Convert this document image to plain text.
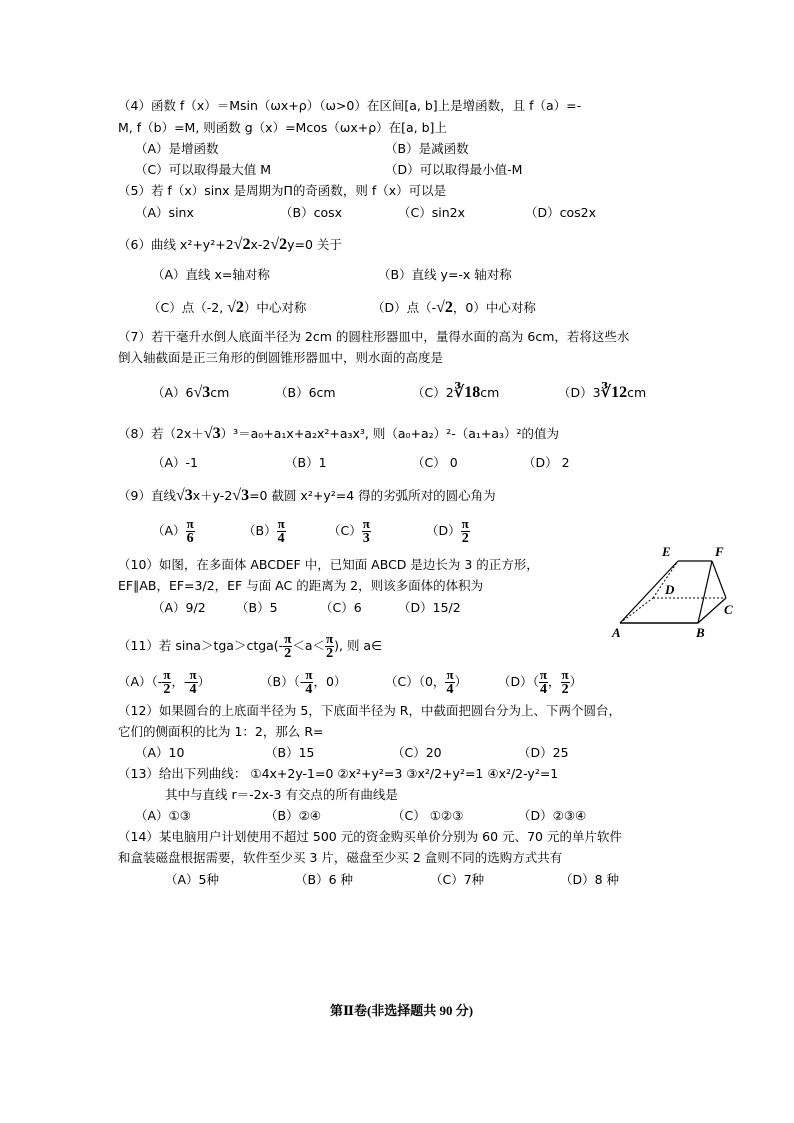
（4）函数 f（x）＝Msin（ωx+ρ）（ω>0）在区间[a, b]上是增函数，且 f（a）=-
M, f（b）=M, 则函数 g（x）=Mcos（ωx+ρ）在[a, b]上
（A）是增函数	（B）是减函数
（C）可以取得最大值 M	（D）可以取得最小值-M
（5）若 f（x）sinx 是周期为Π的奇函数，则 f（x）可以是
（A）sinx	（B）cosx	（C）sin2x	（D）cos2x
（6）曲线 x²+y²+2√2x-2√2y=0 关于
（A）直线 x=轴对称	（B）直线 y=-x 轴对称
（C）点（-2, √2）中心对称	（D）点（-√2，0）中心对称
（7）若干毫升水倒人底面半径为 2cm 的圆柱形器皿中，量得水面的高为 6cm，若将这些水
倒入轴截面是正三角形的倒圆锥形器皿中，则水面的高度是
（A）6√3cm	（B）6cm	（C）2∛18cm	（D）3∛12cm
（8）若（2x＋√3）³＝a₀+a₁x+a₂x²+a₃x³, 则（a₀+a₂）²-（a₁+a₃）²的值为
（A）-1	（B）1	（C） 0	（D） 2
（9）直线√3x＋y-2√3=0 截圆 x²+y²=4 得的劣弧所对的圆心角为
$(A) \frac{\pi}{6}$	$(B) \frac{\pi}{4}$	$(C) \frac{\pi}{3}$	$(D) \frac{\pi}{2}$
（10）如图，在多面体 ABCDEF 中，已知面 ABCD 是边长为 3 的正方形，
EF∥AB，EF=3/2，EF 与面 AC 的距离为 2，则该多面体的体积为
（A）9/2 （B）5	（C）6	（D）15/2
E	F
D
C
A	B
（11）若 sina＞tga＞ctga(- $\frac{\pi}{2} <a< \frac{\pi}{2}$ ), 则 a∈
$(A)(- \frac{\pi}{2}$ ，- $\frac{\pi}{4}$ ）	$(B)(- \frac{\pi}{4}$ ，0）	（C）（0， $\frac{\pi}{4}$ ） $(D)( \frac{\pi}{4}$ ， $\frac{\pi}{2}$ ）
（12）如果圆台的上底面半径为 5，下底面半径为 R，中截面把圆台分为上、下两个圆台，
它们的侧面积的比为 1：2，那么 R=
（A）10	（B）15	（C）20	（D）25
（13）给出下列曲线： ①4x+2y-1=0 ②x²+y²=3 ③x²/2+y²=1 ④x²/2-y²=1
其中与直线 r＝-2x-3 有交点的所有曲线是
（A）①③	（B）②④	（C） ①②③	（D）②③④
（14）某电脑用户计划使用不超过 500 元的资金购买单价分别为 60 元、70 元的单片软件
和盒装磁盘根据需要，软件至少买 3 片，磁盘至少买 2 盒则不同的选购方式共有
（A）5种	（B）6 种	（C）7种	（D）8 种
第Ⅱ卷(非选择题共 90 分)
